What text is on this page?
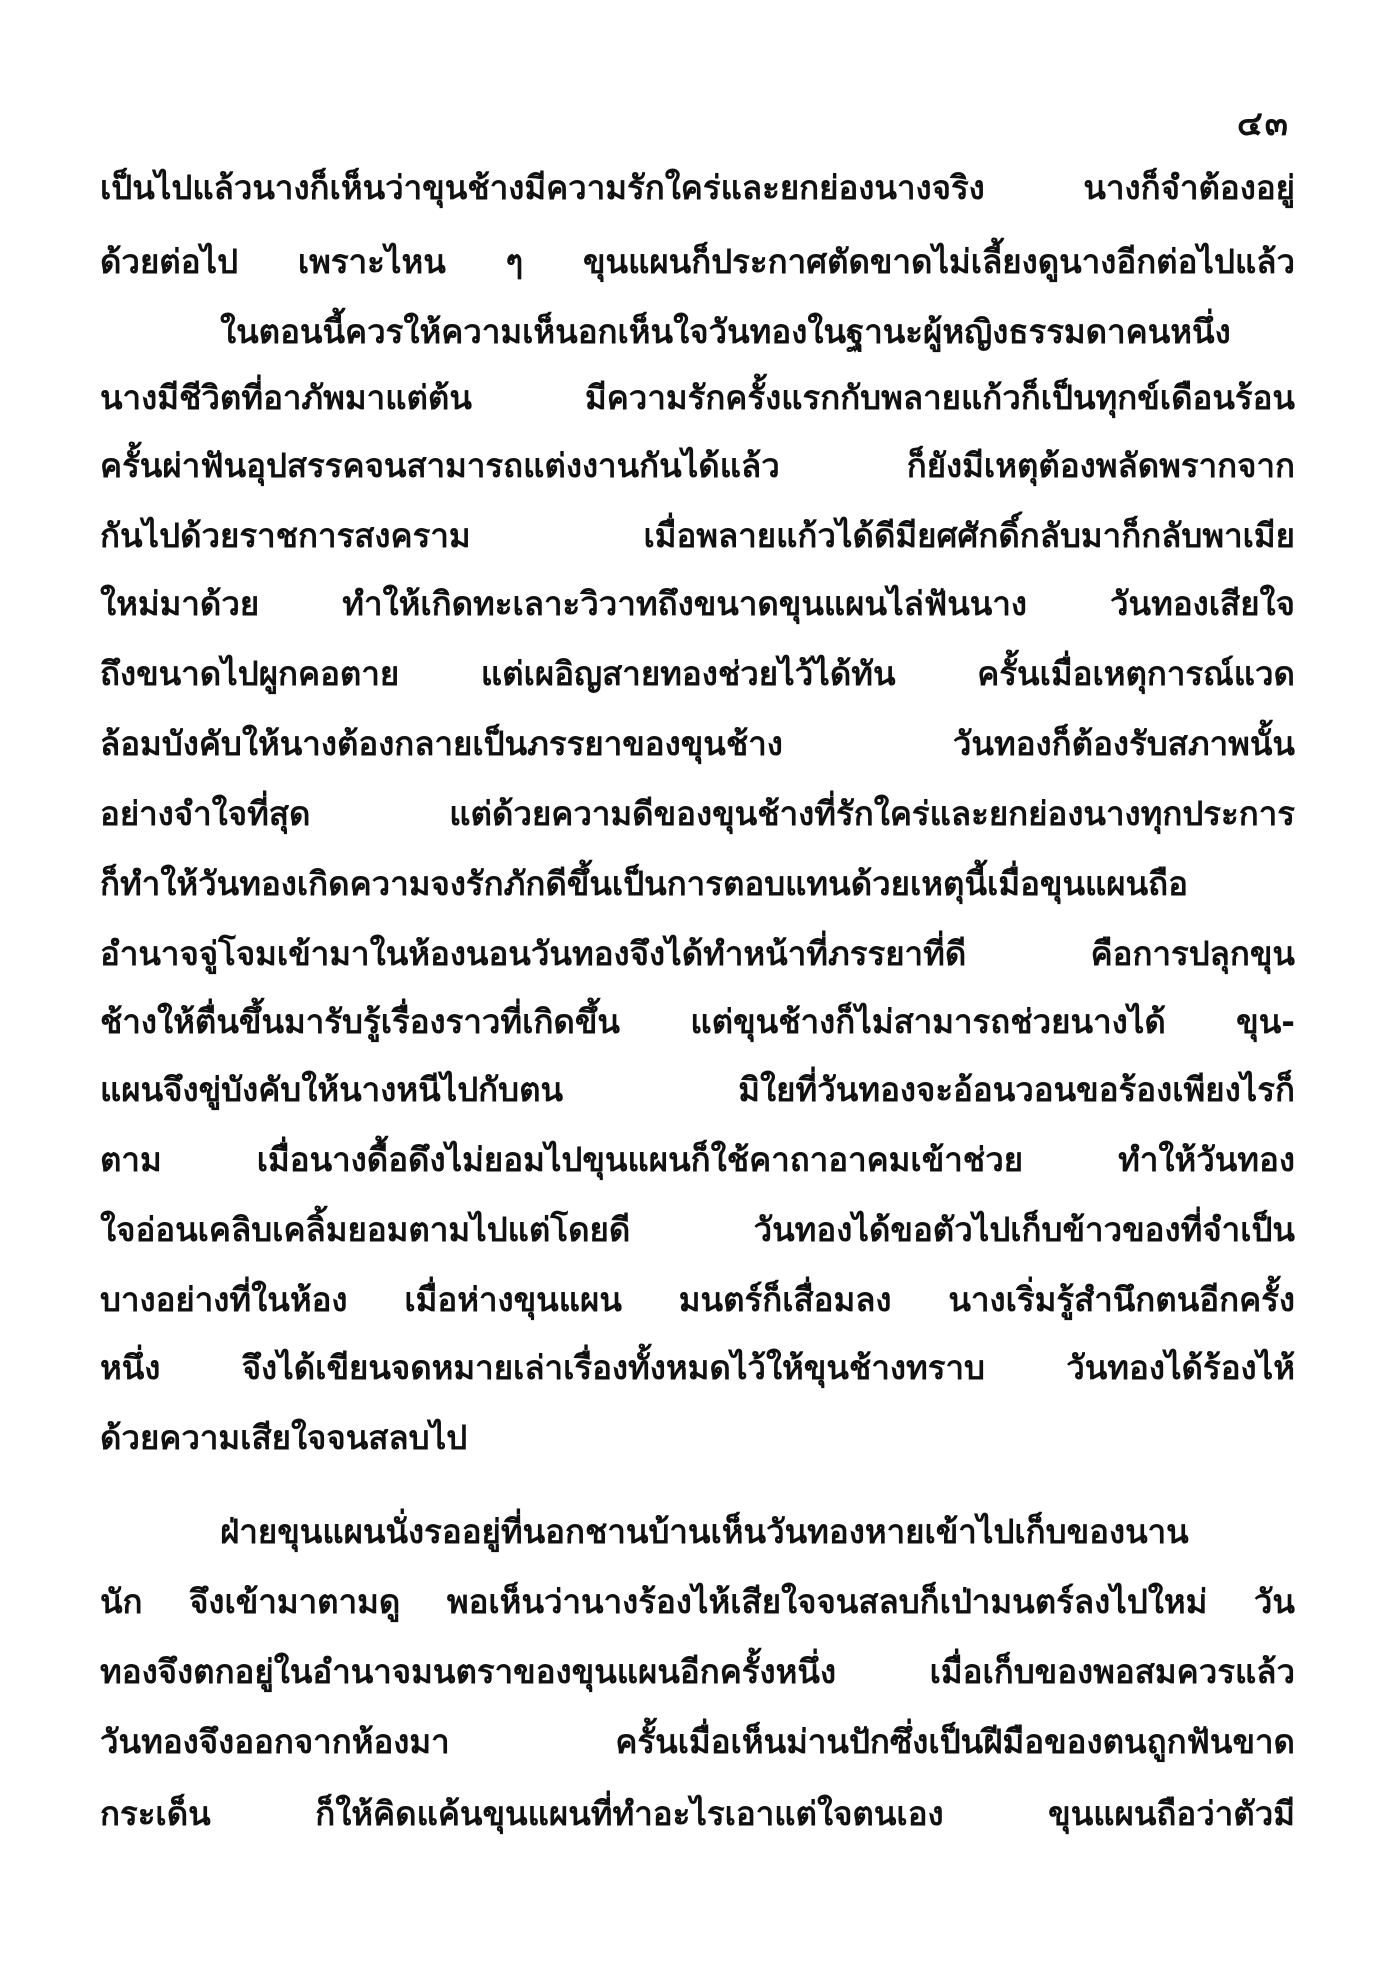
๔๓
เป็นไปแล้วนางก็เห็นว่าขุนช้างมีความรักใคร่และยกย่องนางจริง นางก็จำต้องอยู่
ด้วยต่อไป เพราะไหน ๆ ขุนแผนก็ประกาศตัดขาดไม่เลี้ยงดูนางอีกต่อไปแล้ว
ในตอนนี้ควรให้ความเห็นอกเห็นใจวันทองในฐานะผู้หญิงธรรมดาคนหนึ่ง
นางมีชีวิตที่อาภัพมาแต่ต้น มีความรักครั้งแรกกับพลายแก้วก็เป็นทุกข์เดือนร้อน
ครั้นผ่าฟันอุปสรรคจนสามารถแต่งงานกันได้แล้ว ก็ยังมีเหตุต้องพลัดพรากจาก
กันไปด้วยราชการสงคราม เมื่อพลายแก้วได้ดีมียศศักดิ์กลับมาก็กลับพาเมีย
ใหม่มาด้วย ทำให้เกิดทะเลาะวิวาทถึงขนาดขุนแผนไล่ฟันนาง วันทองเสียใจ
ถึงขนาดไปผูกคอตาย แต่เผอิญสายทองช่วยไว้ได้ทัน ครั้นเมื่อเหตุการณ์แวด
ล้อมบังคับให้นางต้องกลายเป็นภรรยาของขุนช้าง วันทองก็ต้องรับสภาพนั้น
อย่างจำใจที่สุด แต่ด้วยความดีของขุนช้างที่รักใคร่และยกย่องนางทุกประการ
ก็ทำให้วันทองเกิดความจงรักภักดีขึ้นเป็นการตอบแทนด้วยเหตุนี้เมื่อขุนแผนถือ
อำนาจจู่โจมเข้ามาในห้องนอนวันทองจึงได้ทำหน้าที่ภรรยาที่ดี คือการปลุกขุน
ช้างให้ตื่นขึ้นมารับรู้เรื่องราวที่เกิดขึ้น แต่ขุนช้างก็ไม่สามารถช่วยนางได้ ขุน-
แผนจึงขู่บังคับให้นางหนีไปกับตน มิใยที่วันทองจะอ้อนวอนขอร้องเพียงไรก็
ตาม เมื่อนางดื้อดึงไม่ยอมไปขุนแผนก็ใช้คาถาอาคมเข้าช่วย ทำให้วันทอง
ใจอ่อนเคลิบเคลิ้มยอมตามไปแต่โดยดี วันทองได้ขอตัวไปเก็บข้าวของที่จำเป็น
บางอย่างที่ในห้อง เมื่อห่างขุนแผน มนตร์ก็เสื่อมลง นางเริ่มรู้สำนึกตนอีกครั้ง
หนึ่ง จึงได้เขียนจดหมายเล่าเรื่องทั้งหมดไว้ให้ขุนช้างทราบ วันทองได้ร้องไห้
ด้วยความเสียใจจนสลบไป
ฝ่ายขุนแผนนั่งรออยู่ที่นอกชานบ้านเห็นวันทองหายเข้าไปเก็บของนาน
นัก จึงเข้ามาตามดู พอเห็นว่านางร้องไห้เสียใจจนสลบก็เป่ามนตร์ลงไปใหม่ วัน
ทองจึงตกอยู่ในอำนาจมนตราของขุนแผนอีกครั้งหนึ่ง เมื่อเก็บของพอสมควรแล้ว
วันทองจึงออกจากห้องมา ครั้นเมื่อเห็นม่านปักซึ่งเป็นฝีมือของตนถูกฟันขาด
กระเด็น ก็ให้คิดแค้นขุนแผนที่ทำอะไรเอาแต่ใจตนเอง ขุนแผนถือว่าตัวมี
